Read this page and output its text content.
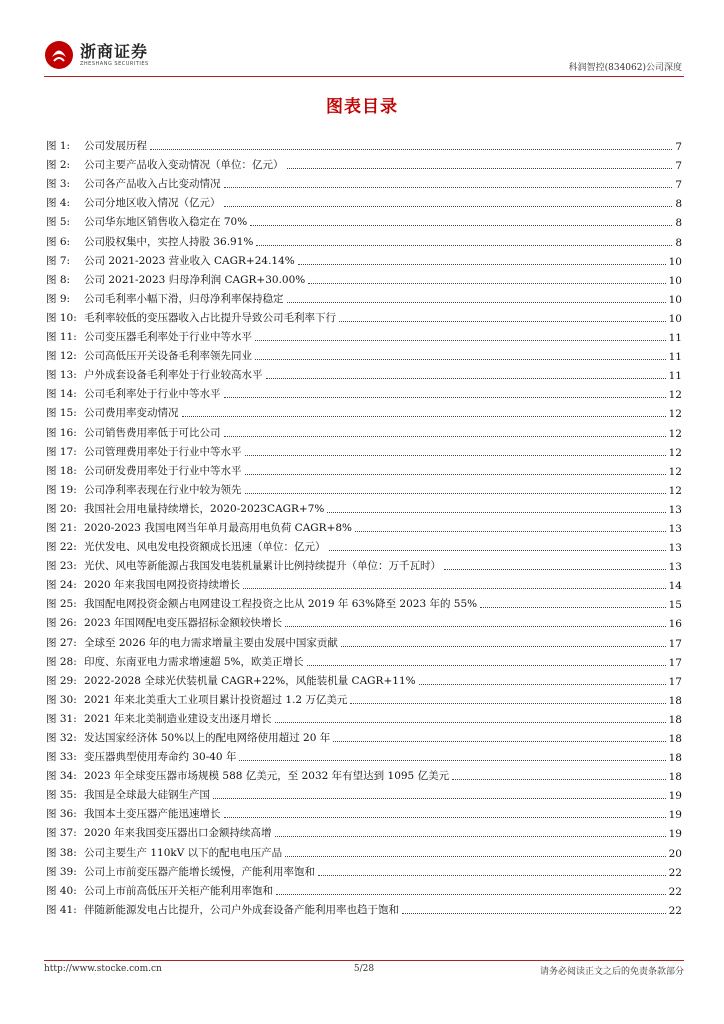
浙商证券
ZHESHANG SECURITIES	科润智控(834062)公司深度
图表目录
图 1:	公司发展历程	7
图 2:	公司主要产品收入变动情况（单位：亿元）	7
图 3:	公司各产品收入占比变动情况	7
图 4:	公司分地区收入情况（亿元）	8
图 5:	公司华东地区销售收入稳定在 70%	8
图 6:	公司股权集中，实控人持股 36.91%	8
图 7:	公司 2021-2023 营业收入 CAGR+24.14%	10
图 8:	公司 2021-2023 归母净利润 CAGR+30.00%	10
图 9:	公司毛利率小幅下滑，归母净利率保持稳定	10
图 10: 毛利率较低的变压器收入占比提升导致公司毛利率下行	10
图 11: 公司变压器毛利率处于行业中等水平	11
图 12: 公司高低压开关设备毛利率领先同业	11
图 13: 户外成套设备毛利率处于行业较高水平	11
图 14: 公司毛利率处于行业中等水平	12
图 15: 公司费用率变动情况	12
图 16: 公司销售费用率低于可比公司	12
图 17: 公司管理费用率处于行业中等水平	12
图 18: 公司研发费用率处于行业中等水平	12
图 19: 公司净利率表现在行业中较为领先	12
图 20: 我国社会用电量持续增长，2020-2023CAGR+7%	13
图 21: 2020-2023 我国电网当年单月最高用电负荷 CAGR+8%	13
图 22: 光伏发电、风电发电投资额成长迅速（单位：亿元）	13
图 23: 光伏、风电等新能源占我国发电装机量累计比例持续提升（单位：万千瓦时）	13
图 24: 2020 年来我国电网投资持续增长	14
图 25: 我国配电网投资金额占电网建设工程投资之比从 2019 年 63%降至 2023 年的 55%	15
图 26: 2023 年国网配电变压器招标金额较快增长	16
图 27: 全球至 2026 年的电力需求增量主要由发展中国家贡献	17
图 28: 印度、东南亚电力需求增速超 5%，欧美正增长	17
图 29: 2022-2028 全球光伏装机量 CAGR+22%，风能装机量 CAGR+11%	17
图 30: 2021 年来北美重大工业项目累计投资超过 1.2 万亿美元	18
图 31: 2021 年来北美制造业建设支出逐月增长	18
图 32: 发达国家经济体 50%以上的配电网络使用超过 20 年	18
图 33: 变压器典型使用寿命约 30-40 年	18
图 34: 2023 年全球变压器市场规模 588 亿美元，至 2032 年有望达到 1095 亿美元	18
图 35: 我国是全球最大硅钢生产国	19
图 36: 我国本土变压器产能迅速增长	19
图 37: 2020 年来我国变压器出口金额持续高增	19
图 38: 公司主要生产 110kV 以下的配电电压产品	20
图 39: 公司上市前变压器产能增长缓慢，产能利用率饱和	22
图 40: 公司上市前高低压开关柜产能利用率饱和	22
图 41: 伴随新能源发电占比提升，公司户外成套设备产能利用率也趋于饱和	22
http://www.stocke.com.cn	5/28	请务必阅读正文之后的免责条款部分
